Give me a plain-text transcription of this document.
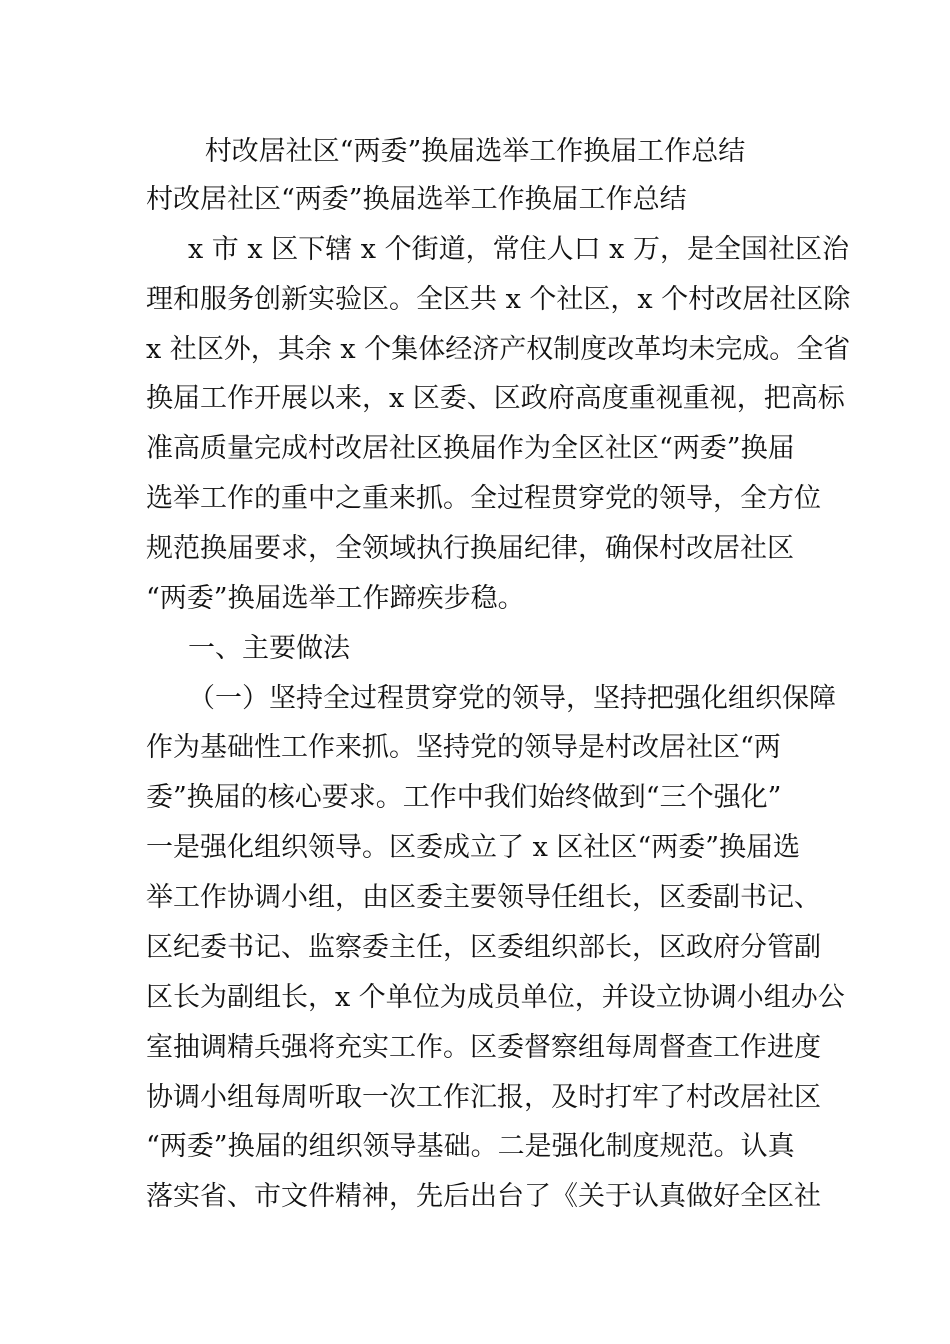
村改居社区“两委”换届选举工作换届工作总结
村改居社区“两委”换届选举工作换届工作总结
x 市 x 区下辖 x 个街道，常住人口 x 万，是全国社区治
理和服务创新实验区。全区共 x 个社区，x 个村改居社区除
x 社区外，其余 x 个集体经济产权制度改革均未完成。全省
换届工作开展以来，x 区委、区政府高度重视重视，把高标
准高质量完成村改居社区换届作为全区社区“两委”换届
选举工作的重中之重来抓。全过程贯穿党的领导，全方位
规范换届要求，全领域执行换届纪律，确保村改居社区
“两委”换届选举工作蹄疾步稳。
一、主要做法
（一）坚持全过程贯穿党的领导，坚持把强化组织保障
作为基础性工作来抓。坚持党的领导是村改居社区“两
委”换届的核心要求。工作中我们始终做到“三个强化”
一是强化组织领导。区委成立了 x 区社区“两委”换届选
举工作协调小组，由区委主要领导任组长，区委副书记、
区纪委书记、监察委主任，区委组织部长，区政府分管副
区长为副组长，x 个单位为成员单位，并设立协调小组办公
室抽调精兵强将充实工作。区委督察组每周督查工作进度
协调小组每周听取一次工作汇报，及时打牢了村改居社区
“两委”换届的组织领导基础。二是强化制度规范。认真
落实省、市文件精神，先后出台了《关于认真做好全区社
